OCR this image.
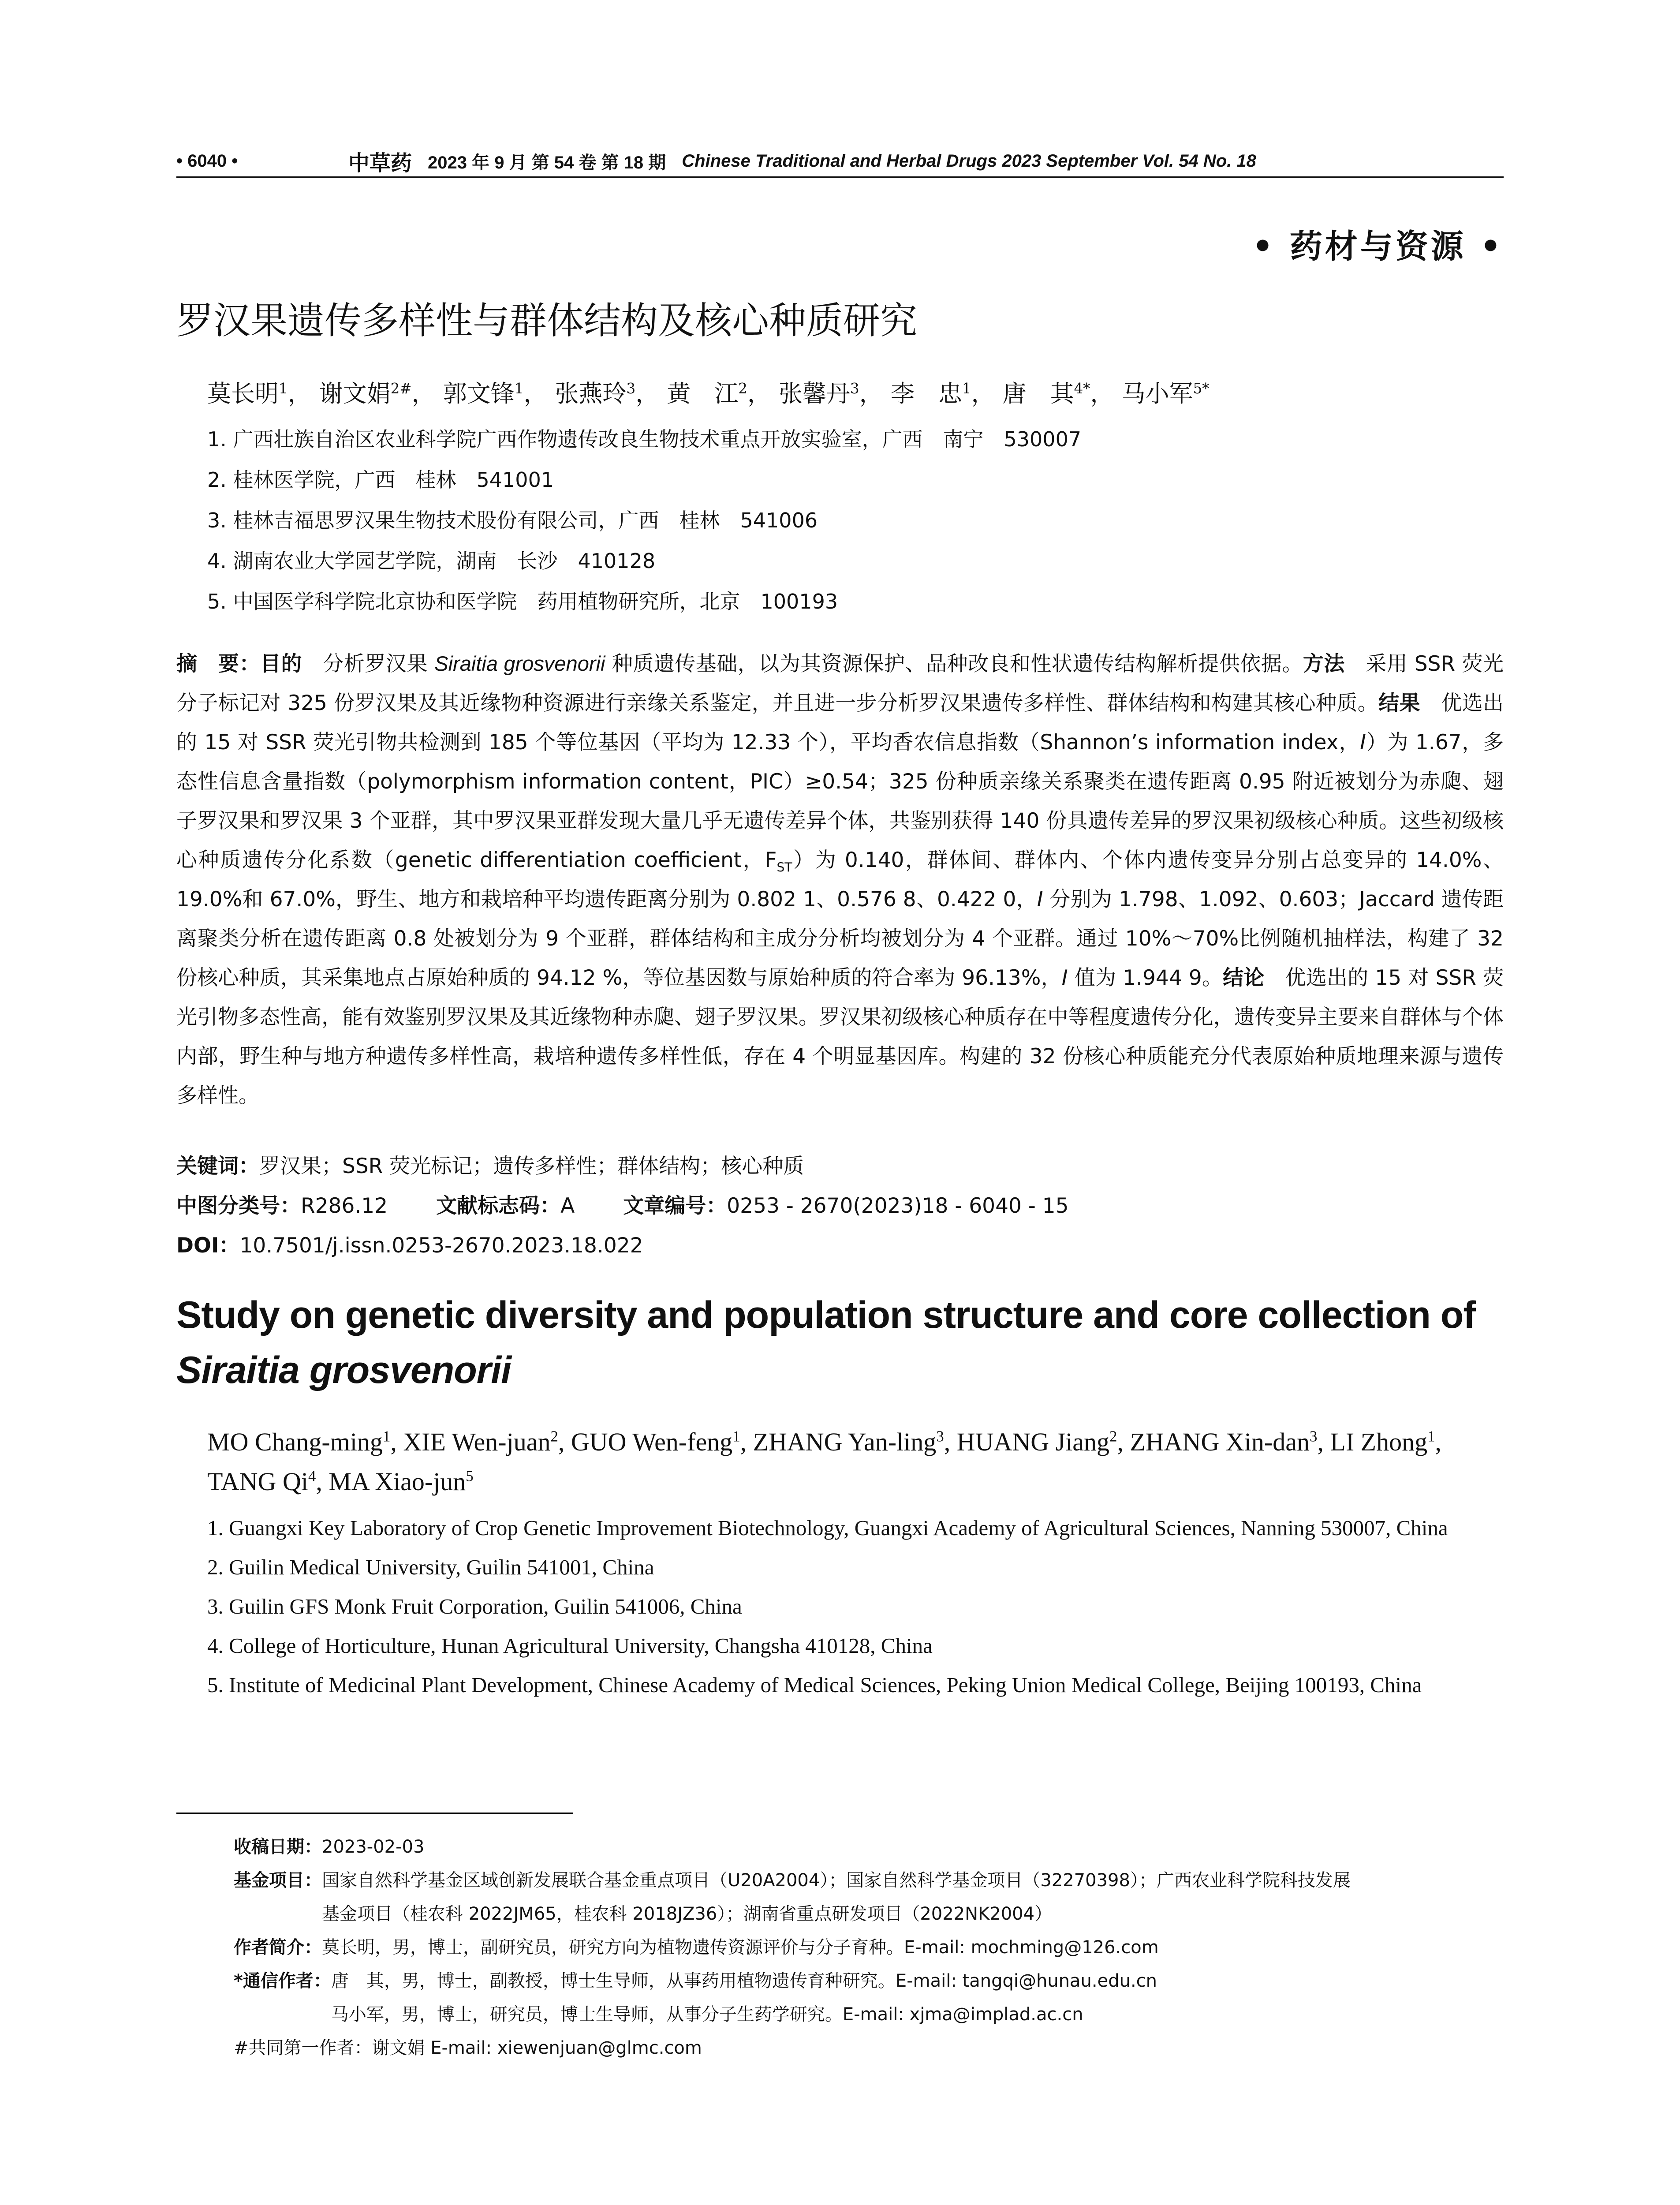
• 6040 •	中草药 2023 年 9 月 第 54 卷 第 18 期 Chinese Traditional and Herbal Drugs 2023 September Vol. 54 No. 18
• 药材与资源 •
罗汉果遗传多样性与群体结构及核心种质研究
莫长明$^1$， 谢文娟$^{2\#}$， 郭文锋$^1$， 张燕玲$^3$， 黄　江$^2$， 张馨丹$^3$， 李　忠$^1$， 唐　其$^{4*}$， 马小军$^{5*}$
1. 广西壮族自治区农业科学院广西作物遗传改良生物技术重点开放实验室，广西　南宁　530007
2. 桂林医学院，广西　桂林　541001
3. 桂林吉福思罗汉果生物技术股份有限公司，广西　桂林　541006
4. 湖南农业大学园艺学院，湖南　长沙　410128
5. 中国医学科学院北京协和医学院　药用植物研究所，北京　100193
摘　要：目的　分析罗汉果 Siraitia grosvenorii 种质遗传基础，以为其资源保护、品种改良和性状遗传结构解析提供依据。方法　采用 SSR 荧光分子标记对 325 份罗汉果及其近缘物种资源进行亲缘关系鉴定，并且进一步分析罗汉果遗传多样性、群体结构和构建其核心种质。结果　优选出的 15 对 SSR 荧光引物共检测到 185 个等位基因（平均为 12.33 个），平均香农信息指数（Shannon’s information index，I）为 1.67，多态性信息含量指数（polymorphism information content，PIC）≥0.54；325 份种质亲缘关系聚类在遗传距离 0.95 附近被划分为赤瓟、翅子罗汉果和罗汉果 3 个亚群，其中罗汉果亚群发现大量几乎无遗传差异个体，共鉴别获得 140 份具遗传差异的罗汉果初级核心种质。这些初级核心种质遗传分化系数（genetic differentiation coefficient，$F_{ST}$）为 0.140，群体间、群体内、个体内遗传变异分别占总变异的 14.0%、19.0%和 67.0%，野生、地方和栽培种平均遗传距离分别为 0.802 1、0.576 8、0.422 0，I 分别为 1.798、1.092、0.603；Jaccard 遗传距离聚类分析在遗传距离 0.8 处被划分为 9 个亚群，群体结构和主成分分析均被划分为 4 个亚群。通过 10%～70%比例随机抽样法，构建了 32 份核心种质，其采集地点占原始种质的 94.12 %，等位基因数与原始种质的符合率为 96.13%，I 值为 1.944 9。结论　优选出的 15 对 SSR 荧光引物多态性高，能有效鉴别罗汉果及其近缘物种赤瓟、翅子罗汉果。罗汉果初级核心种质存在中等程度遗传分化，遗传变异主要来自群体与个体内部，野生种与地方种遗传多样性高，栽培种遗传多样性低，存在 4 个明显基因库。构建的 32 份核心种质能充分代表原始种质地理来源与遗传多样性。
关键词：罗汉果；SSR 荧光标记；遗传多样性；群体结构；核心种质
中图分类号：R286.12 文献标志码：A 文章编号：0253 - 2670(2023)18 - 6040 - 15
DOI：10.7501/j.issn.0253-2670.2023.18.022
Study on genetic diversity and population structure and core collection of Siraitia grosvenorii
MO Chang-ming$^1$, XIE Wen-juan$^2$, GUO Wen-feng$^1$, ZHANG Yan-ling$^3$, HUANG Jiang$^2$, ZHANG Xin-dan$^3$, LI Zhong$^1$, TANG Qi$^4$, MA Xiao-jun$^5$
1. Guangxi Key Laboratory of Crop Genetic Improvement Biotechnology, Guangxi Academy of Agricultural Sciences, Nanning 530007, China
2. Guilin Medical University, Guilin 541001, China
3. Guilin GFS Monk Fruit Corporation, Guilin 541006, China
4. College of Horticulture, Hunan Agricultural University, Changsha 410128, China
5. Institute of Medicinal Plant Development, Chinese Academy of Medical Sciences, Peking Union Medical College, Beijing 100193, China
收稿日期：2023-02-03
基金项目： 国家自然科学基金区域创新发展联合基金重点项目（U20A2004）；国家自然科学基金项目（32270398）；广西农业科学院科技发展
基金项目（桂农科 2022JM65，桂农科 2018JZ36）；湖南省重点研发项目（2022NK2004）
作者简介：莫长明，男，博士，副研究员，研究方向为植物遗传资源评价与分子育种。E-mail: mochming@126.com
*通信作者： 唐　其，男，博士，副教授，博士生导师，从事药用植物遗传育种研究。E-mail: tangqi@hunau.edu.cn
马小军，男，博士，研究员，博士生导师，从事分子生药学研究。E-mail: xjma@implad.ac.cn
#共同第一作者：谢文娟 E-mail: xiewenjuan@glmc.com
